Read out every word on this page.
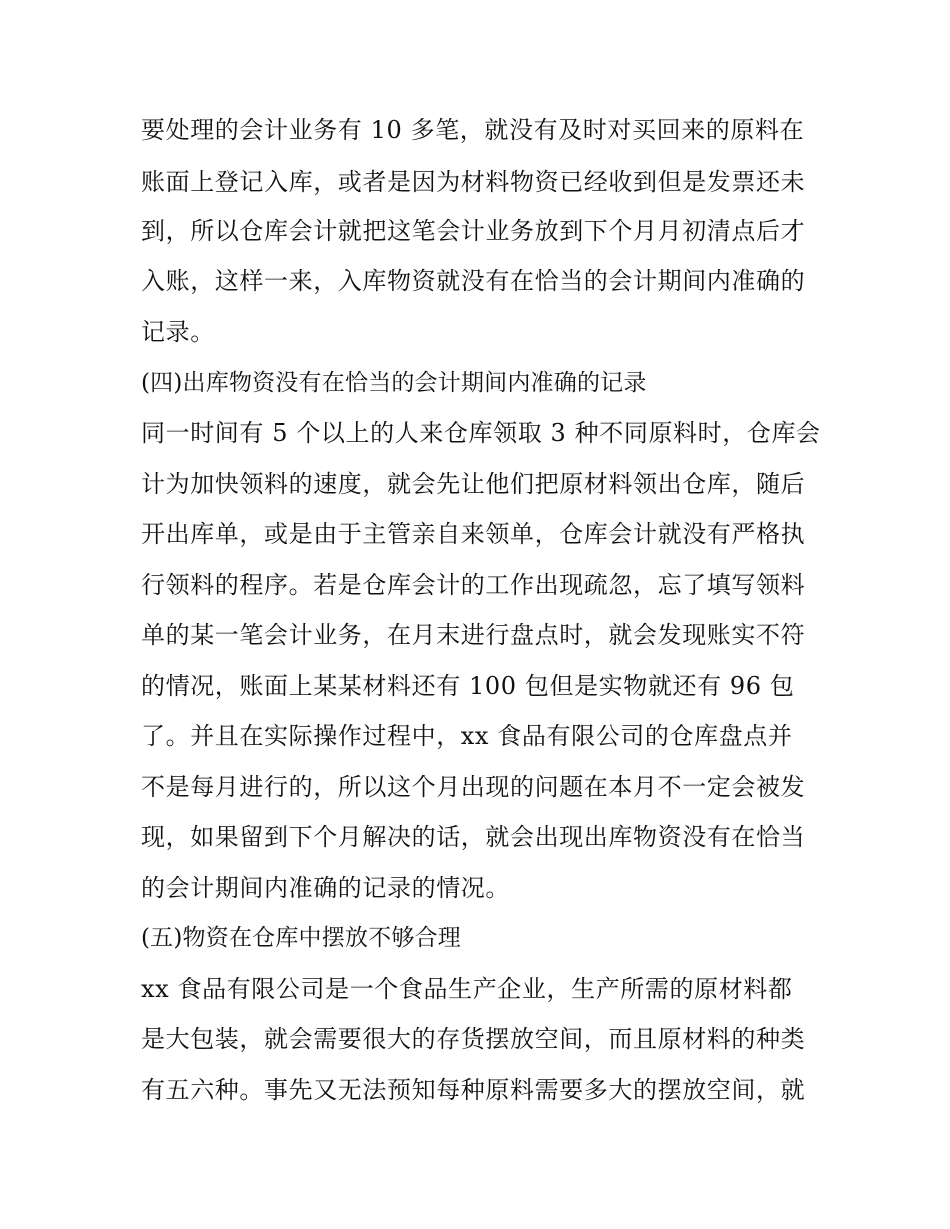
要处理的会计业务有 10 多笔，就没有及时对买回来的原料在
账面上登记入库，或者是因为材料物资已经收到但是发票还未
到，所以仓库会计就把这笔会计业务放到下个月月初清点后才
入账，这样一来，入库物资就没有在恰当的会计期间内准确的
记录。
(四)出库物资没有在恰当的会计期间内准确的记录
同一时间有 5 个以上的人来仓库领取 3 种不同原料时，仓库会
计为加快领料的速度，就会先让他们把原材料领出仓库，随后
开出库单，或是由于主管亲自来领单，仓库会计就没有严格执
行领料的程序。若是仓库会计的工作出现疏忽，忘了填写领料
单的某一笔会计业务，在月末进行盘点时，就会发现账实不符
的情况，账面上某某材料还有 100 包但是实物就还有 96 包
了。并且在实际操作过程中，xx 食品有限公司的仓库盘点并
不是每月进行的，所以这个月出现的问题在本月不一定会被发
现，如果留到下个月解决的话，就会出现出库物资没有在恰当
的会计期间内准确的记录的情况。
(五)物资在仓库中摆放不够合理
xx 食品有限公司是一个食品生产企业，生产所需的原材料都
是大包装，就会需要很大的存货摆放空间，而且原材料的种类
有五六种。事先又无法预知每种原料需要多大的摆放空间，就
